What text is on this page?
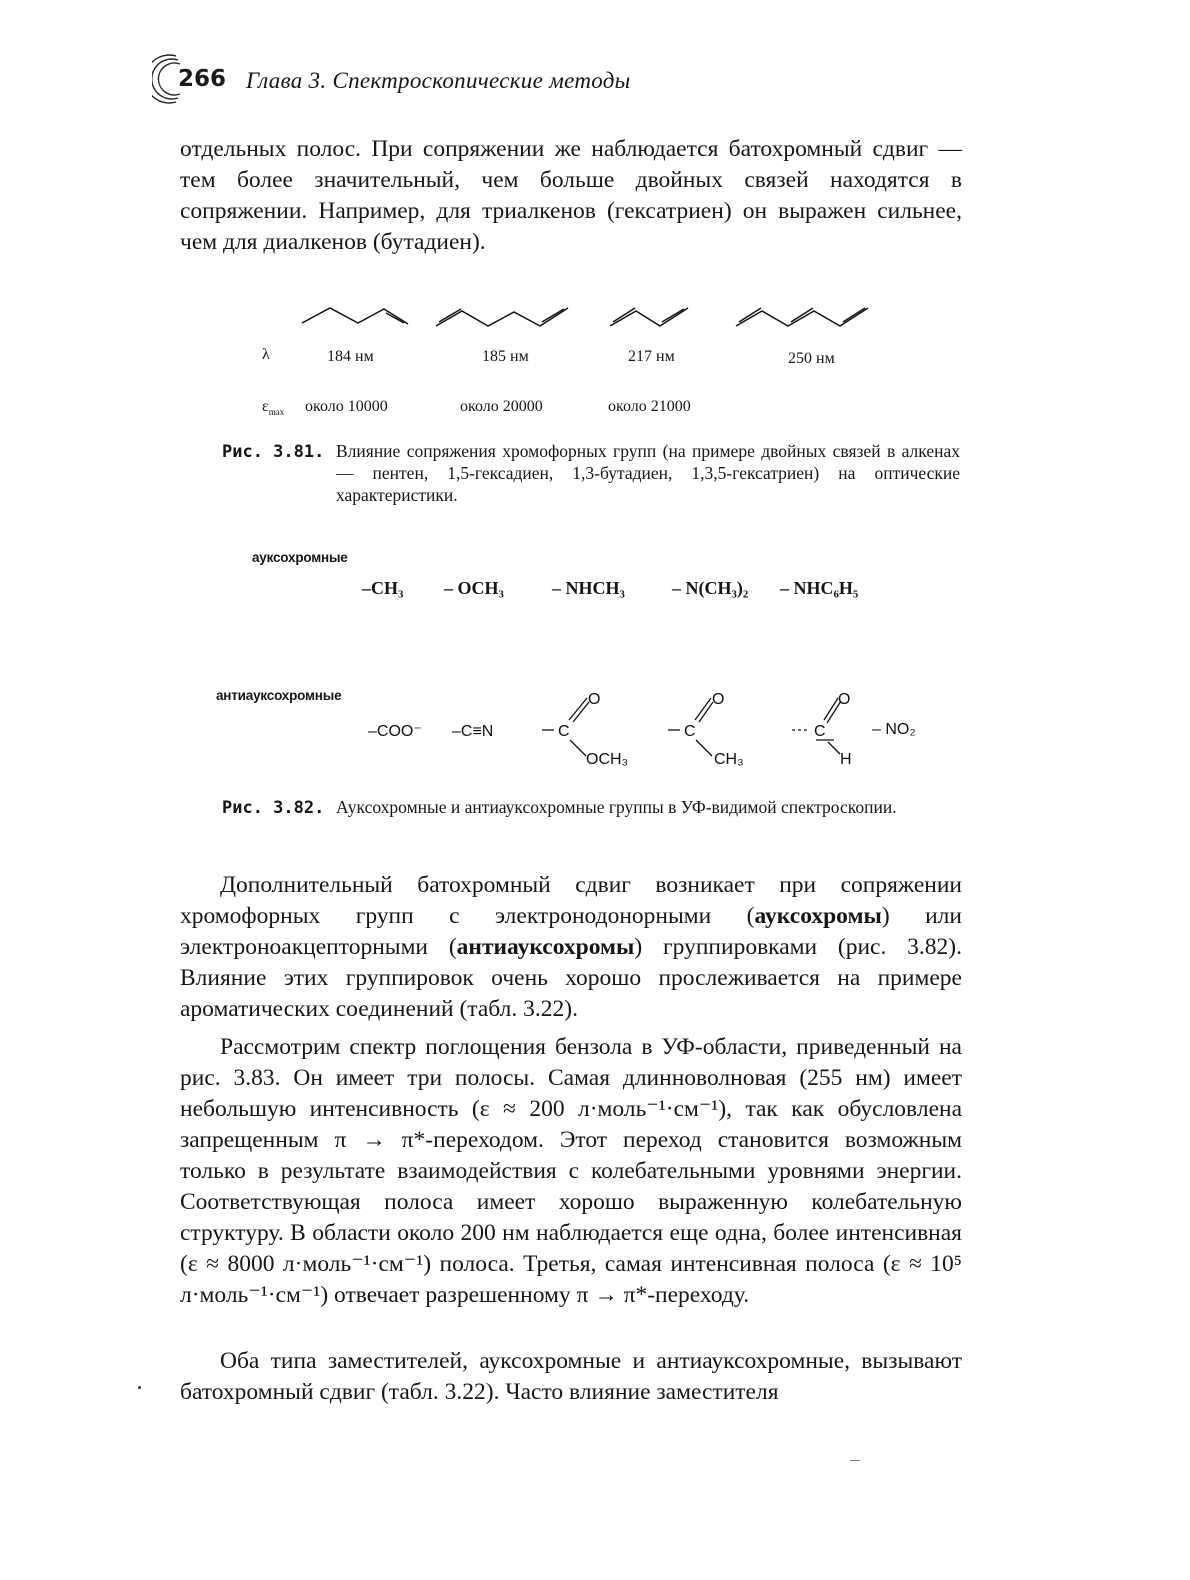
266 Глава 3. Спектроскопические методы

отдельных полос. При сопряжении же наблюдается батохромный сдвиг — тем более значительный, чем больше двойных связей находятся в сопряжении. Например, для триалкенов (гексатриен) он выражен сильнее, чем для диалкенов (бутадиен).

λ	184 нм	185 нм	217 нм	250 нм
$\varepsilon_{max}$ около 10000	около 20000	около 21000

Рис. 3.81. Влияние сопряжения хромофорных групп (на примере двойных связей в алкенах — пентен, 1,5-гексадиен, 1,3-бутадиен, 1,3,5-гексатриен) на оптические характеристики.

ауксохромные
–CH₃ – OCH₃	– NHCH₃	– N(CH₃)₂ – NHC₆H₅
антиауксохромные
–COO⁻ –C≡N	C
O
OCH₃
C
O
CH₃
C
O
H
– NO₂

Рис. 3.82. Ауксохромные и антиауксохромные группы в УФ-видимой спектроскопии.

Дополнительный батохромный сдвиг возникает при сопряжении хромофорных групп с электронодонорными (ауксохромы) или электроноакцепторными (антиауксохромы) группировками (рис. 3.82). Влияние этих группировок очень хорошо прослеживается на примере ароматических соединений (табл. 3.22).

Рассмотрим спектр поглощения бензола в УФ-области, приведенный на рис. 3.83. Он имеет три полосы. Самая длинноволновая (255 нм) имеет небольшую интенсивность (ε ≈ 200 л·моль⁻¹·см⁻¹), так как обусловлена запрещенным π → π*-переходом. Этот переход становится возможным только в результате взаимодействия с колебательными уровнями энергии. Соответствующая полоса имеет хорошо выраженную колебательную структуру. В области около 200 нм наблюдается еще одна, более интенсивная (ε ≈ 8000 л·моль⁻¹·см⁻¹) полоса. Третья, самая интенсивная полоса (ε ≈ 10⁵ л·моль⁻¹·см⁻¹) отвечает разрешенному π → π*-переходу.

Оба типа заместителей, ауксохромные и антиауксохромные, вызывают батохромный сдвиг (табл. 3.22). Часто влияние заместителя
